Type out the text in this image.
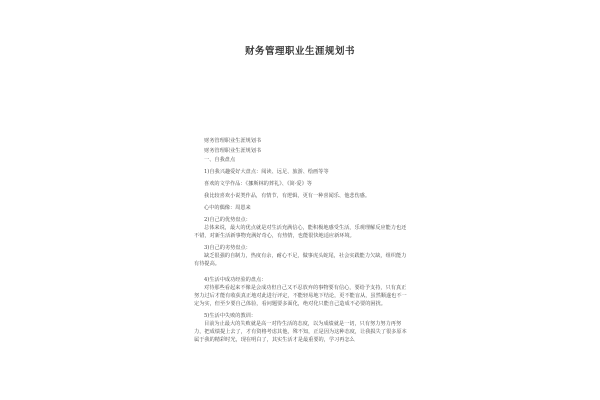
财务管理职业生涯规划书

财务管理职业生涯规划书

财务管理职业生涯规划书

一、自我盘点

1)自我兴趣爱好大盘点：阅读、远足、旅游、绘画等等

喜欢的文学作品：《挪斯林的葬礼》、《简·爱》等

我比较喜欢小说类作品，有情节，有逻辑，更有一种喜闻乐、他悲伤感。

心中的偶像：周恩来

2)自己的优势盘点：

总体来说，最大的优点就是对生活充满信心，能积极地感受生活，乐观理解反应能力也还不错，对新生活新事物充满好奇心，有热情，也能很快地适应新环境。

3)自己的劣势盘点：

缺乏很强的自制力，热度有余，耐心不足，做事虎头蛇尾，社会实践能力欠缺，组织能力有待提高。

4)生活中成功经验的盘点：

对待那些看起来不像是会成功但自己又不忍放弃的事物要有信心，要给予支持，只有真正努力过后才能有收获真正地对此进行评定，不能轻易地下结论，更不能盲从，虽然顺遂也不一定为实，但至少要自己体验，看问题要多面化，绝对化只能自己造成不必要的困扰。

5)生活中失败的教训：

目前为止最大的失败就是高一对待生活的态度，以为成绩就是一切，只有努力努力再努力，把成绩提上去了，才有资格考虑其他，殊不知，正是因为这种态度，让我损失了很多原本属于我的精彩时光，现在明白了，其实生活才是最重要的，学习再怎么
